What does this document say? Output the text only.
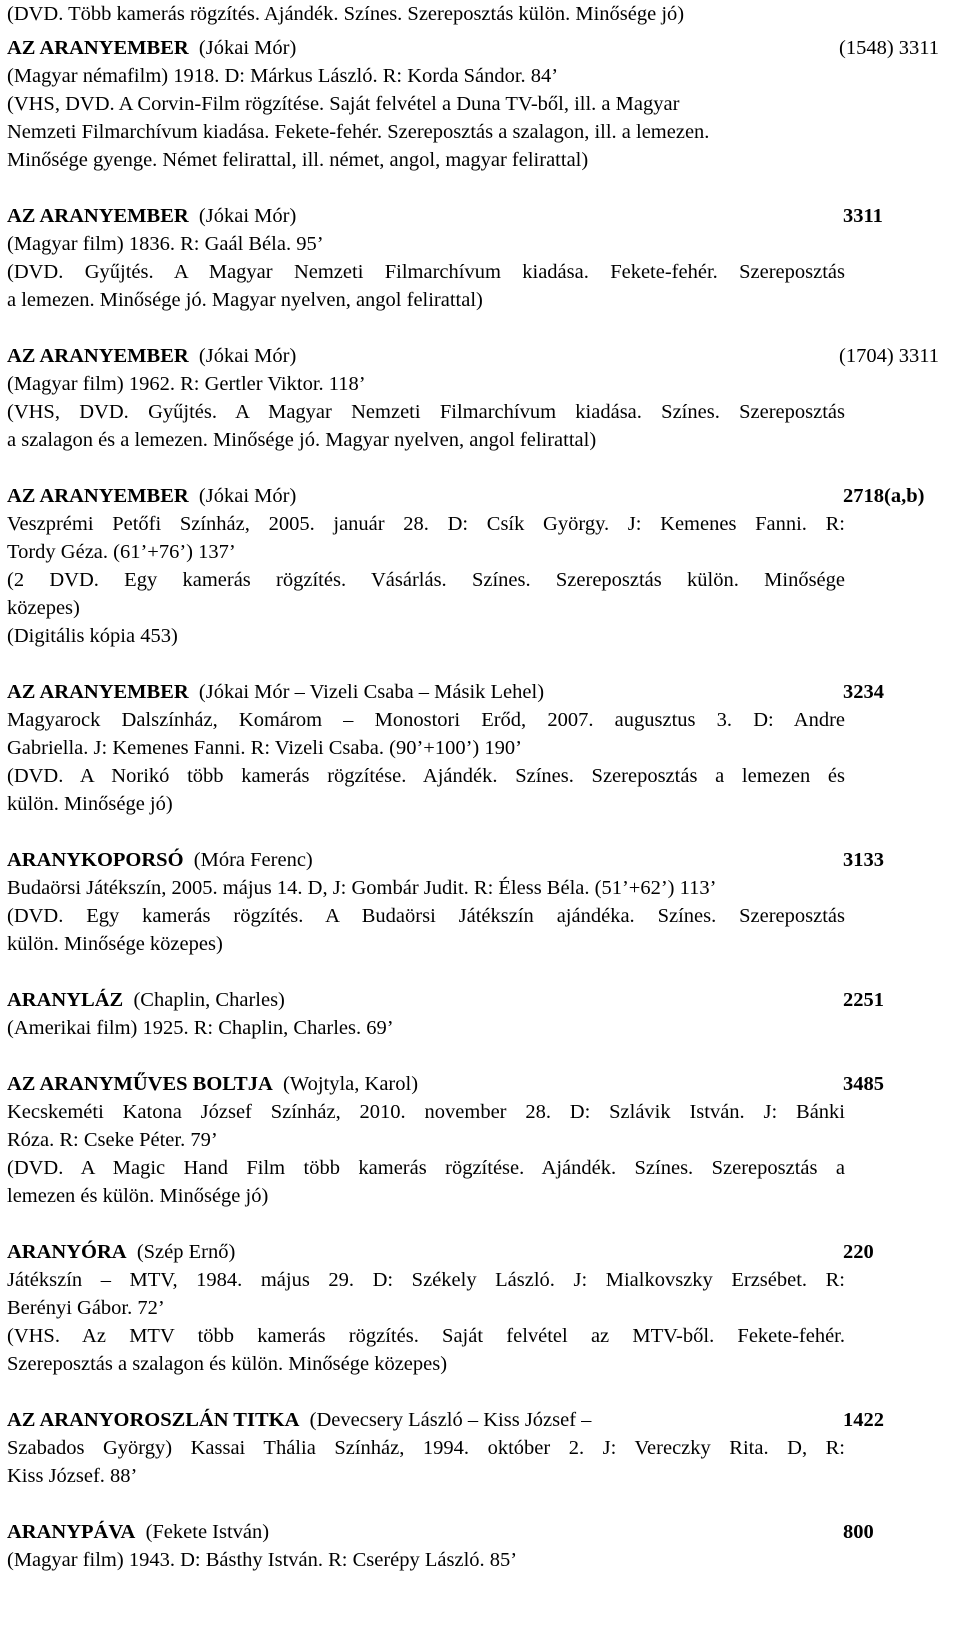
(DVD. Több kamerás rögzítés. Ajándék. Színes. Szereposztás külön. Minősége jó)
AZ ARANYEMBER (Jókai Mór)	(1548) 3311
(Magyar némafilm) 1918. D: Márkus László. R: Korda Sándor. 84’
(VHS, DVD. A Corvin-Film rögzítése. Saját felvétel a Duna TV-ből, ill. a Magyar
Nemzeti Filmarchívum kiadása. Fekete-fehér. Szereposztás a szalagon, ill. a lemezen.
Minősége gyenge. Német felirattal, ill. német, angol, magyar felirattal)
AZ ARANYEMBER (Jókai Mór)	3311
(Magyar film) 1836. R: Gaál Béla. 95’
(DVD. Gyűjtés. A Magyar Nemzeti Filmarchívum kiadása. Fekete-fehér. Szereposztás
a lemezen. Minősége jó. Magyar nyelven, angol felirattal)
AZ ARANYEMBER (Jókai Mór)	(1704) 3311
(Magyar film) 1962. R: Gertler Viktor. 118’
(VHS, DVD. Gyűjtés. A Magyar Nemzeti Filmarchívum kiadása. Színes. Szereposztás
a szalagon és a lemezen. Minősége jó. Magyar nyelven, angol felirattal)
AZ ARANYEMBER (Jókai Mór)	2718(a,b)
Veszprémi Petőfi Színház, 2005. január 28. D: Csík György. J: Kemenes Fanni. R:
Tordy Géza. (61’+76’) 137’
(2 DVD. Egy kamerás rögzítés. Vásárlás. Színes. Szereposztás külön. Minősége
közepes)
(Digitális kópia 453)
AZ ARANYEMBER (Jókai Mór – Vizeli Csaba – Másik Lehel)	3234
Magyarock Dalszínház, Komárom – Monostori Erőd, 2007. augusztus 3. D: Andre
Gabriella. J: Kemenes Fanni. R: Vizeli Csaba. (90’+100’) 190’
(DVD. A Norikó több kamerás rögzítése. Ajándék. Színes. Szereposztás a lemezen és
külön. Minősége jó)
ARANYKOPORSÓ (Móra Ferenc)	3133
Budaörsi Játékszín, 2005. május 14. D, J: Gombár Judit. R: Éless Béla. (51’+62’) 113’
(DVD. Egy kamerás rögzítés. A Budaörsi Játékszín ajándéka. Színes. Szereposztás
külön. Minősége közepes)
ARANYLÁZ (Chaplin, Charles)	2251
(Amerikai film) 1925. R: Chaplin, Charles. 69’
AZ ARANYMŰVES BOLTJA (Wojtyla, Karol)	3485
Kecskeméti Katona József Színház, 2010. november 28. D: Szlávik István. J: Bánki
Róza. R: Cseke Péter. 79’
(DVD. A Magic Hand Film több kamerás rögzítése. Ajándék. Színes. Szereposztás a
lemezen és külön. Minősége jó)
ARANYÓRA (Szép Ernő)	220
Játékszín – MTV, 1984. május 29. D: Székely László. J: Mialkovszky Erzsébet. R:
Berényi Gábor. 72’
(VHS. Az MTV több kamerás rögzítés. Saját felvétel az MTV-ből. Fekete-fehér.
Szereposztás a szalagon és külön. Minősége közepes)
AZ ARANYOROSZLÁN TITKA (Devecsery László – Kiss József –	1422
Szabados György) Kassai Thália Színház, 1994. október 2. J: Vereczky Rita. D, R:
Kiss József. 88’
ARANYPÁVA (Fekete István)	800
(Magyar film) 1943. D: Básthy István. R: Cserépy László. 85’
